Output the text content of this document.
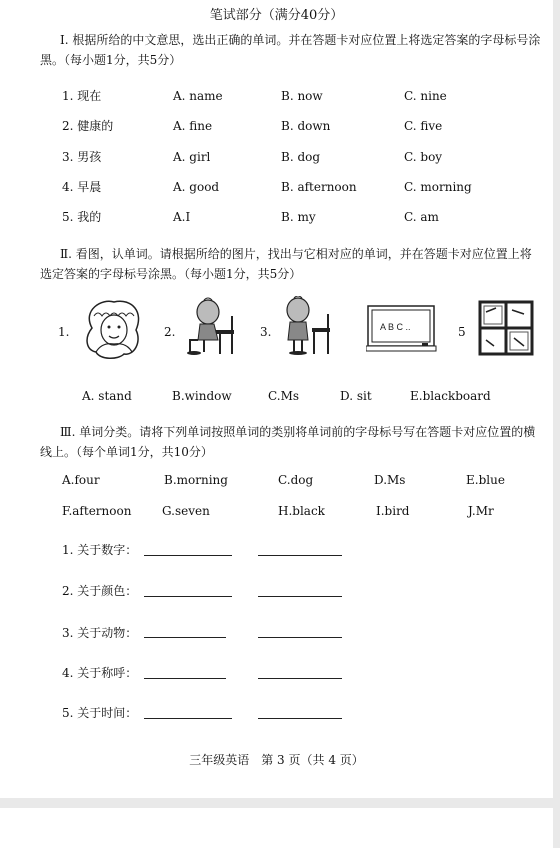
笔试部分（满分40分）
Ⅰ. 根据所给的中文意思，选出正确的单词。并在答题卡对应位置上将选定答案的字母标号涂黑。（每小题1分，共5分）
1. 现在	A. name	B. now	C. nine
2. 健康的	A. fine	B. down	C. five
3. 男孩	A. girl	B. dog	C. boy
4. 早晨	A. good	B. afternoon	C. morning
5. 我的	A.I	B. my	C. am
Ⅱ. 看图，认单词。请根据所给的图片，找出与它相对应的单词，并在答题卡对应位置上将选定答案的字母标号涂黑。（每小题1分，共5分）
1.	2.	3.	A B C ..	5
A. stand	B.window	C.Ms	D. sit	E.blackboard
Ⅲ. 单词分类。请将下列单词按照单词的类别将单词前的字母标号写在答题卡对应位置的横线上。（每个单词1分，共10分）
A.four	B.morning	C.dog	D.Ms	E.blue
F.afternoon	G.seven	H.black	I.bird	J.Mr
1. 关于数字：
2. 关于颜色：
3. 关于动物：
4. 关于称呼：
5. 关于时间：
三年级英语　第 3 页（共 4 页）
